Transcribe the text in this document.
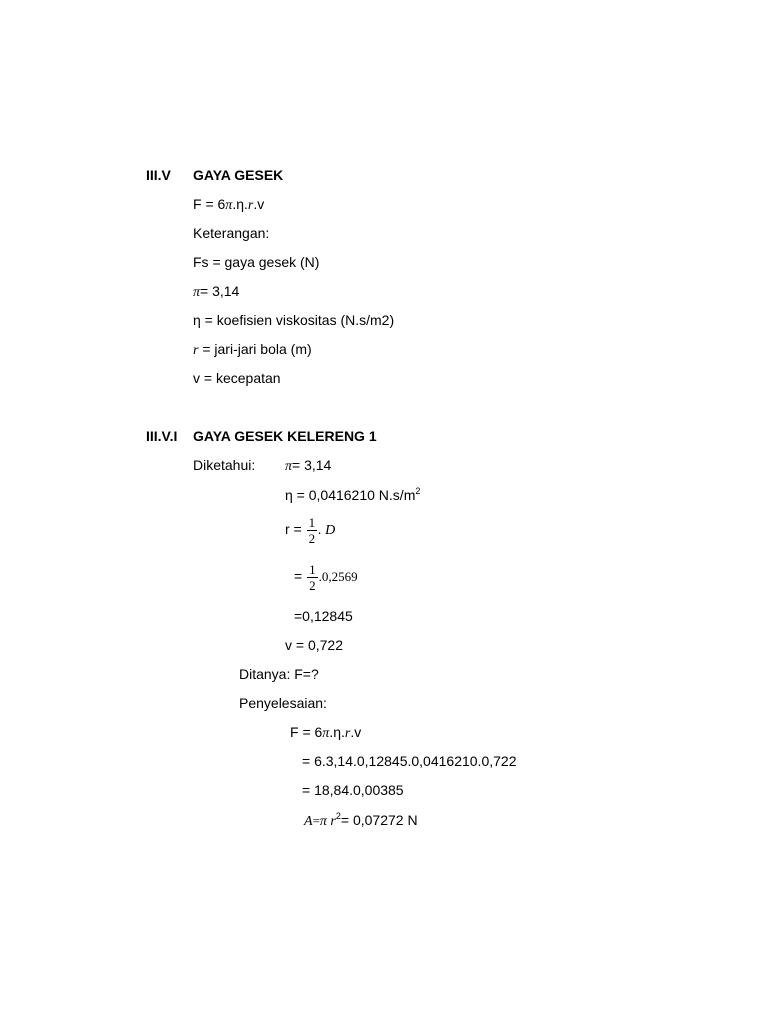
III.V GAYA GESEK
F = 6π.η.r.v
Keterangan:
Fs = gaya gesek (N)
π= 3,14
η = koefisien viskositas (N.s/m2)
r = jari-jari bola (m)
v = kecepatan
III.V.I GAYA GESEK KELERENG 1
Diketahui: π= 3,14
η = 0,0416210 $N.s/m^2$
$r = \frac{1}{2}$ . D
= $\frac{1}{2} .0,2569$
=0,12845
v = 0,722
Ditanya: F=?
Penyelesaian:
F = 6π.η.r.v
= 6.3,14.0,12845.0,0416210.0,722
= 18,84.0,00385
A=π $r^2= 0,07272$ N
